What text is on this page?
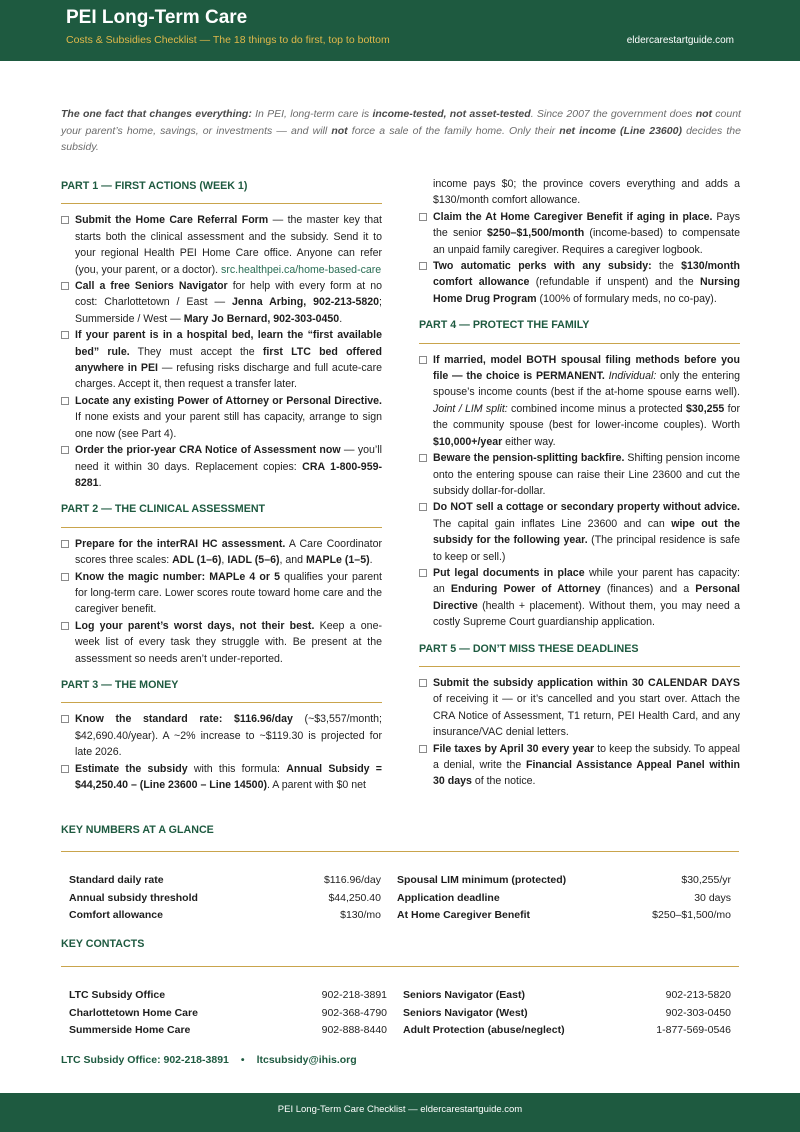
PEI Long-Term Care
Costs & Subsidies Checklist — The 18 things to do first, top to bottom	eldercarestartguide.com
The one fact that changes everything: In PEI, long-term care is income-tested, not asset-tested. Since 2007 the government does not count your parent’s home, savings, or investments — and will not force a sale of the family home. Only their net income (Line 23600) decides the subsidy.
PART 1 — FIRST ACTIONS (WEEK 1)
Submit the Home Care Referral Form — the master key that starts both the clinical assessment and the subsidy. Send it to your regional Health PEI Home Care office. Anyone can refer (you, your parent, or a doctor). src.healthpei.ca/home-based-care
Call a free Seniors Navigator for help with every form at no cost: Charlottetown / East — Jenna Arbing, 902-213-5820; Summerside / West — Mary Jo Bernard, 902-303-0450.
If your parent is in a hospital bed, learn the “first available bed” rule. They must accept the first LTC bed offered anywhere in PEI — refusing risks discharge and full acute-care charges. Accept it, then request a transfer later.
Locate any existing Power of Attorney or Personal Directive. If none exists and your parent still has capacity, arrange to sign one now (see Part 4).
Order the prior-year CRA Notice of Assessment now — you’ll need it within 30 days. Replacement copies: CRA 1-800-959-8281.
PART 2 — THE CLINICAL ASSESSMENT
Prepare for the interRAI HC assessment. A Care Coordinator scores three scales: ADL (1–6), IADL (5–6), and MAPLe (1–5).
Know the magic number: MAPLe 4 or 5 qualifies your parent for long-term care. Lower scores route toward home care and the caregiver benefit.
Log your parent’s worst days, not their best. Keep a one-week list of every task they struggle with. Be present at the assessment so needs aren’t under-reported.
PART 3 — THE MONEY
Know the standard rate: $116.96/day (~$3,557/month; $42,690.40/year). A ~2% increase to ~$119.30 is projected for late 2026.
Estimate the subsidy with this formula: Annual Subsidy = $44,250.40 – (Line 23600 – Line 14500). A parent with $0 net
income pays $0; the province covers everything and adds a $130/month comfort allowance.
Claim the At Home Caregiver Benefit if aging in place. Pays the senior $250–$1,500/month (income-based) to compensate an unpaid family caregiver. Requires a caregiver logbook.
Two automatic perks with any subsidy: the $130/month comfort allowance (refundable if unspent) and the Nursing Home Drug Program (100% of formulary meds, no co-pay).
PART 4 — PROTECT THE FAMILY
If married, model BOTH spousal filing methods before you file — the choice is PERMANENT. Individual: only the entering spouse’s income counts (best if the at-home spouse earns well). Joint / LIM split: combined income minus a protected $30,255 for the community spouse (best for lower-income couples). Worth $10,000+/year either way.
Beware the pension-splitting backfire. Shifting pension income onto the entering spouse can raise their Line 23600 and cut the subsidy dollar-for-dollar.
Do NOT sell a cottage or secondary property without advice. The capital gain inflates Line 23600 and can wipe out the subsidy for the following year. (The principal residence is safe to keep or sell.)
Put legal documents in place while your parent has capacity: an Enduring Power of Attorney (finances) and a Personal Directive (health + placement). Without them, you may need a costly Supreme Court guardianship application.
PART 5 — DON’T MISS THESE DEADLINES
Submit the subsidy application within 30 CALENDAR DAYS of receiving it — or it’s cancelled and you start over. Attach the CRA Notice of Assessment, T1 return, PEI Health Card, and any insurance/VAC denial letters.
File taxes by April 30 every year to keep the subsidy. To appeal a denial, write the Financial Assistance Appeal Panel within 30 days of the notice.
KEY NUMBERS AT A GLANCE
Standard daily rate	$116.96/day Spousal LIM minimum (protected)	$30,255/yr
Annual subsidy threshold	$44,250.40 Application deadline	30 days
Comfort allowance	$130/mo At Home Caregiver Benefit	$250–$1,500/mo
KEY CONTACTS
LTC Subsidy Office	902-218-3891 Seniors Navigator (East)	902-213-5820
Charlottetown Home Care	902-368-4790 Seniors Navigator (West)	902-303-0450
Summerside Home Care	902-888-8440 Adult Protection (abuse/neglect)	1-877-569-0546
LTC Subsidy Office: 902-218-3891 • ltcsubsidy@ihis.org
PEI Long-Term Care Checklist — eldercarestartguide.com
